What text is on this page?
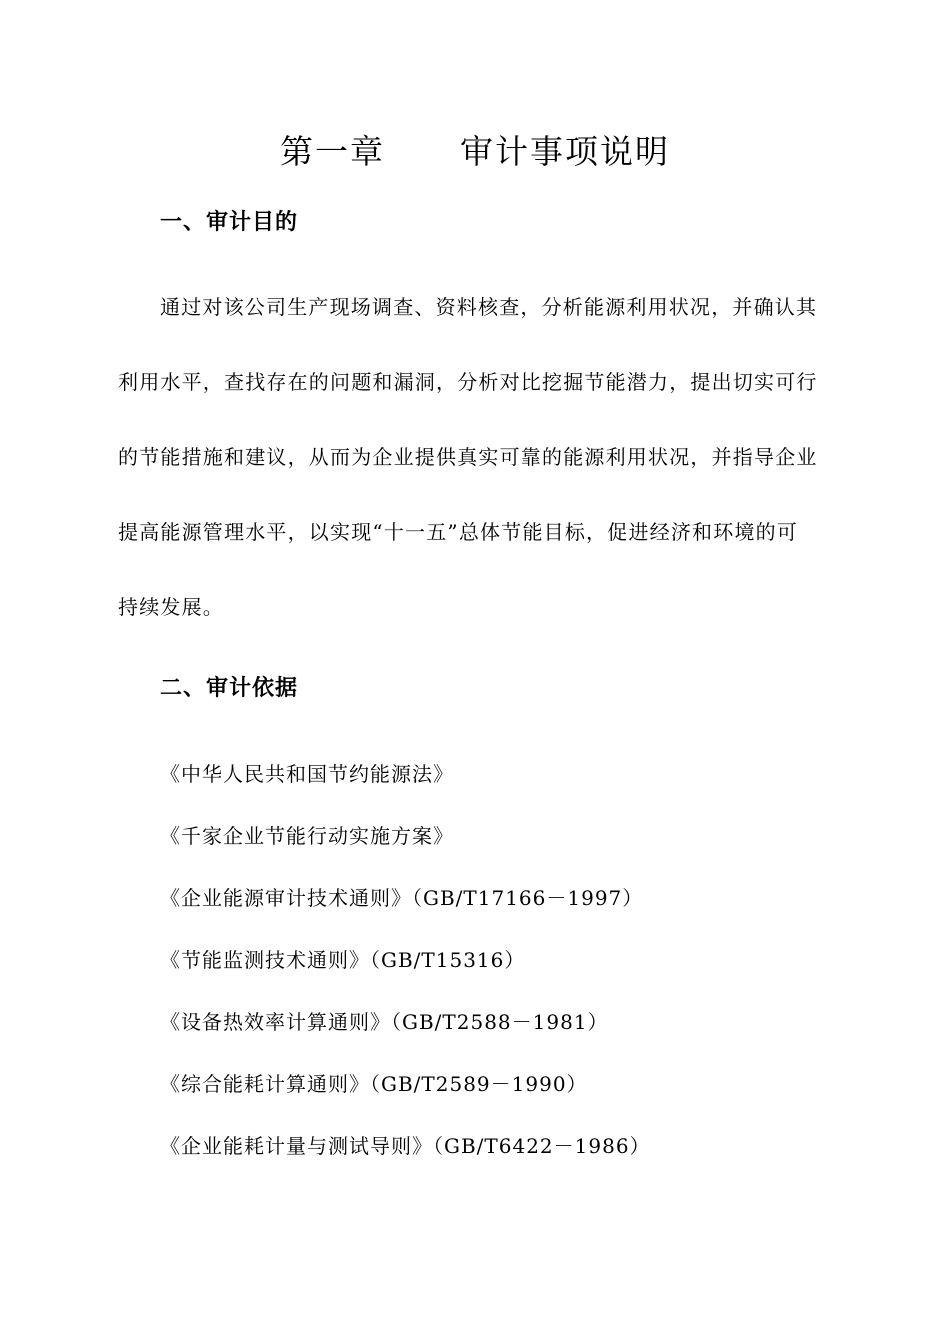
第一章      审计事项说明
一、审计目的
通过对该公司生产现场调查、资料核查，分析能源利用状况，并确认其
利用水平，查找存在的问题和漏洞，分析对比挖掘节能潜力，提出切实可行
的节能措施和建议，从而为企业提供真实可靠的能源利用状况，并指导企业
提高能源管理水平，以实现“十一五”总体节能目标，促进经济和环境的可
持续发展。
二、审计依据
《中华人民共和国节约能源法》
《千家企业节能行动实施方案》
《企业能源审计技术通则》（GB/T17166－1997）
《节能监测技术通则》（GB/T15316）
《设备热效率计算通则》（GB/T2588－1981）
《综合能耗计算通则》（GB/T2589－1990）
《企业能耗计量与测试导则》（GB/T6422－1986）
